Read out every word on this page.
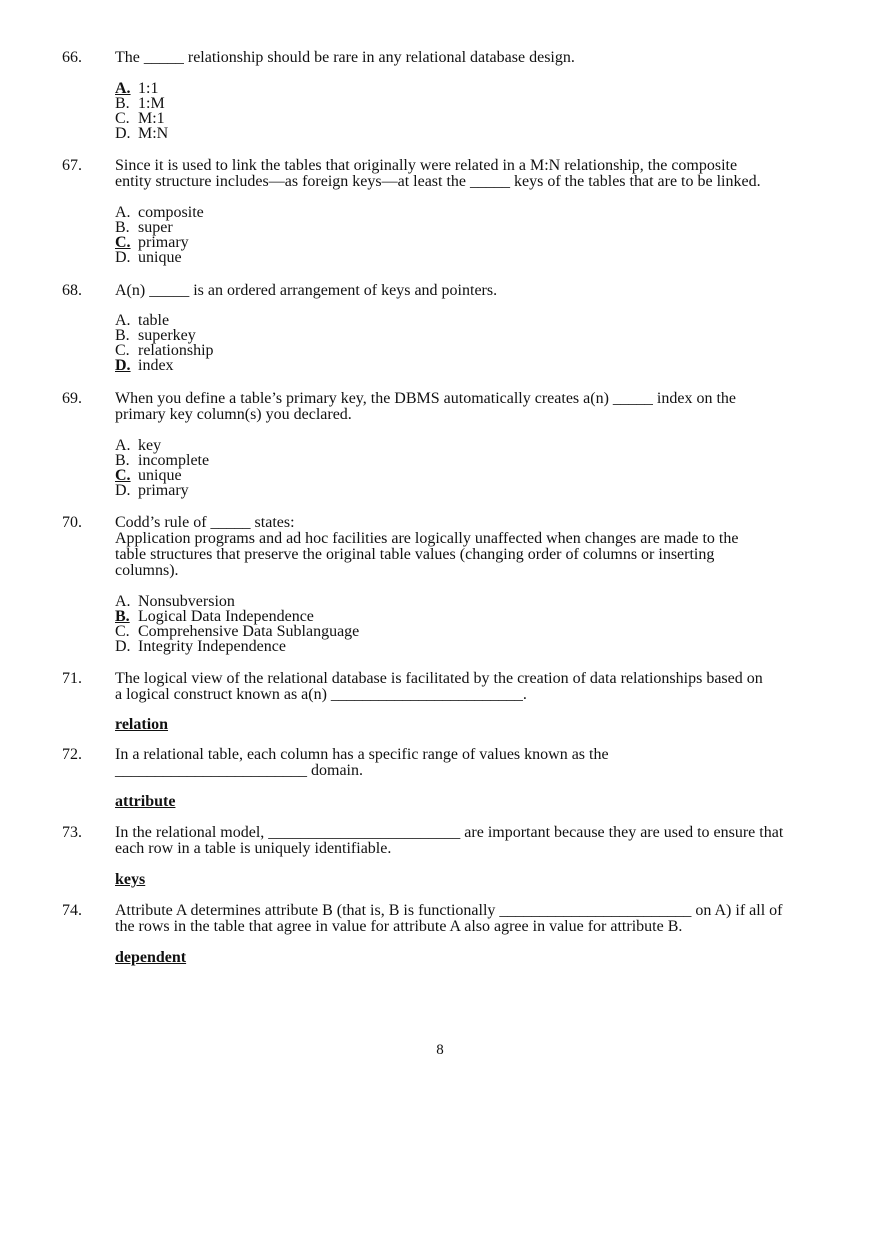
66. The _____ relationship should be rare in any relational database design.
A. 1:1
B. 1:M
C. M:1
D. M:N
67. Since it is used to link the tables that originally were related in a M:N relationship, the composite
entity structure includes—as foreign keys—at least the _____ keys of the tables that are to be linked.
A. composite
B. super
C. primary
D. unique
68. A(n) _____ is an ordered arrangement of keys and pointers.
A. table
B. superkey
C. relationship
D. index
69. When you define a table’s primary key, the DBMS automatically creates a(n) _____ index on the
primary key column(s) you declared.
A. key
B. incomplete
C. unique
D. primary
70. Codd’s rule of _____ states:
Application programs and ad hoc facilities are logically unaffected when changes are made to the
table structures that preserve the original table values (changing order of columns or inserting
columns).
A. Nonsubversion
B. Logical Data Independence
C. Comprehensive Data Sublanguage
D. Integrity Independence
71. The logical view of the relational database is facilitated by the creation of data relationships based on
a logical construct known as a(n) ________________________.
relation
72. In a relational table, each column has a specific range of values known as the
________________________ domain.
attribute
73. In the relational model, ________________________ are important because they are used to ensure that
each row in a table is uniquely identifiable.
keys
74. Attribute A determines attribute B (that is, B is functionally ________________________ on A) if all of
the rows in the table that agree in value for attribute A also agree in value for attribute B.
dependent
8
